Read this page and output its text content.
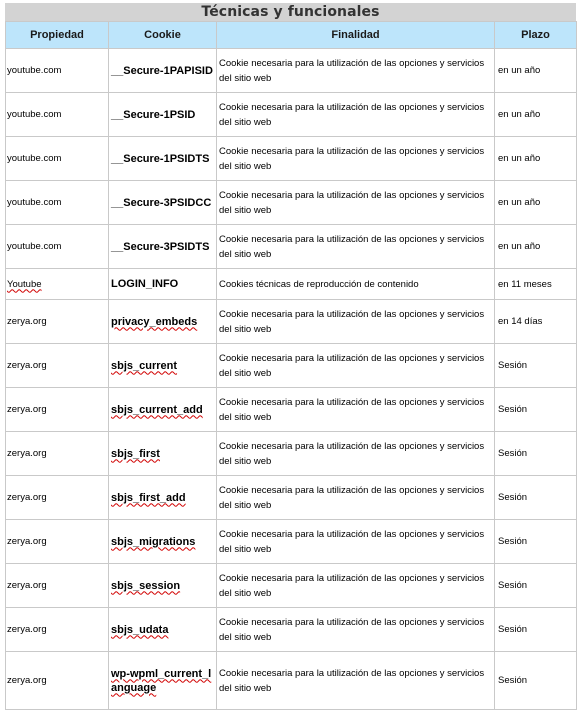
Técnicas y funcionales
Propiedad	Cookie	Finalidad	Plazo
youtube.com	__Secure-1PAPISID	Cookie necesaria para la utilización de las opciones y servicios del sitio web	en un año
youtube.com	__Secure-1PSID	Cookie necesaria para la utilización de las opciones y servicios del sitio web	en un año
youtube.com	__Secure-1PSIDTS	Cookie necesaria para la utilización de las opciones y servicios del sitio web	en un año
youtube.com	__Secure-3PSIDCC	Cookie necesaria para la utilización de las opciones y servicios del sitio web	en un año
youtube.com	__Secure-3PSIDTS	Cookie necesaria para la utilización de las opciones y servicios del sitio web	en un año
Youtube	LOGIN_INFO	Cookies técnicas de reproducción de contenido	en 11 meses
zerya.org	privacy_embeds	Cookie necesaria para la utilización de las opciones y servicios del sitio web	en 14 días
zerya.org	sbjs_current	Cookie necesaria para la utilización de las opciones y servicios del sitio web	Sesión
zerya.org	sbjs_current_add	Cookie necesaria para la utilización de las opciones y servicios del sitio web	Sesión
zerya.org	sbjs_first	Cookie necesaria para la utilización de las opciones y servicios del sitio web	Sesión
zerya.org	sbjs_first_add	Cookie necesaria para la utilización de las opciones y servicios del sitio web	Sesión
zerya.org	sbjs_migrations	Cookie necesaria para la utilización de las opciones y servicios del sitio web	Sesión
zerya.org	sbjs_session	Cookie necesaria para la utilización de las opciones y servicios del sitio web	Sesión
zerya.org	sbjs_udata	Cookie necesaria para la utilización de las opciones y servicios del sitio web	Sesión
zerya.org	wp-wpml_current_language	Cookie necesaria para la utilización de las opciones y servicios del sitio web	Sesión
